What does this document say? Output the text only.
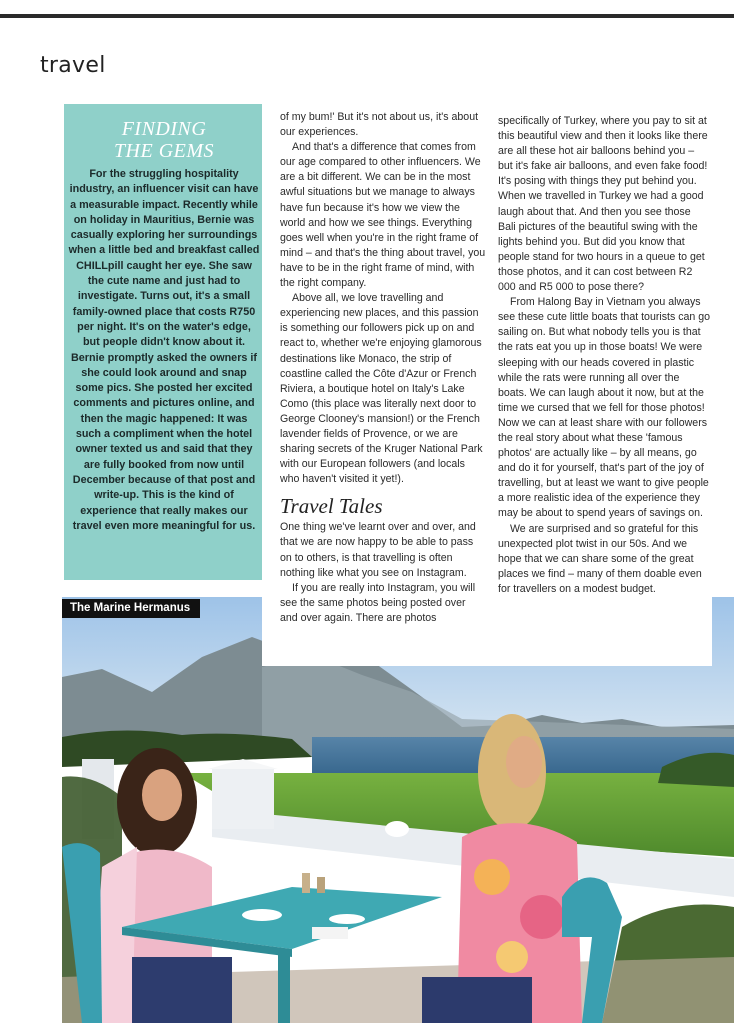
travel
The Marine Hermanus
FINDING
THE GEMS

For the struggling hospitality industry, an influencer visit can have a measurable impact. Recently while on holiday in Mauritius, Bernie was casually exploring her surroundings when a little bed and breakfast called CHILLpill caught her eye. She saw the cute name and just had to investigate. Turns out, it's a small family-owned place that costs R750 per night. It's on the water's edge, but people didn't know about it. Bernie promptly asked the owners if she could look around and snap some pics. She posted her excited comments and pictures online, and then the magic happened: It was such a compliment when the hotel owner texted us and said that they are fully booked from now until December because of that post and write-up. This is the kind of experience that really makes our travel even more meaningful for us.

of my bum!' But it's not about us, it's about our experiences.

And that's a difference that comes from our age compared to other influencers. We are a bit different. We can be in the most awful situations but we manage to always have fun because it's how we view the world and how we see things. Everything goes well when you're in the right frame of mind – and that's the thing about travel, you have to be in the right frame of mind, with the right company.

Above all, we love travelling and experiencing new places, and this passion is something our followers pick up on and react to, whether we're enjoying glamorous destinations like Monaco, the strip of coastline called the Côte d'Azur or French Riviera, a boutique hotel on Italy's Lake Como (this place was literally next door to George Clooney's mansion!) or the French lavender fields of Provence, or we are sharing secrets of the Kruger National Park with our European followers (and locals who haven't visited it yet!).

Travel Tales

One thing we've learnt over and over, and that we are now happy to be able to pass on to others, is that travelling is often nothing like what you see on Instagram.

If you are really into Instagram, you will see the same photos being posted over and over again. There are photos

specifically of Turkey, where you pay to sit at this beautiful view and then it looks like there are all these hot air balloons behind you – but it's fake air balloons, and even fake food! It's posing with things they put behind you. When we travelled in Turkey we had a good laugh about that. And then you see those Bali pictures of the beautiful swing with the lights behind you. But did you know that people stand for two hours in a queue to get those photos, and it can cost between R2 000 and R5 000 to pose there?

From Halong Bay in Vietnam you always see these cute little boats that tourists can go sailing on. But what nobody tells you is that the rats eat you up in those boats! We were sleeping with our heads covered in plastic while the rats were running all over the boats. We can laugh about it now, but at the time we cursed that we fell for those photos! Now we can at least share with our followers the real story about what these 'famous photos' are actually like – by all means, go and do it for yourself, that's part of the joy of travelling, but at least we want to give people a more realistic idea of the experience they may be about to spend years of savings on.

We are surprised and so grateful for this unexpected plot twist in our 50s. And we hope that we can share some of the great places we find – many of them doable even for travellers on a modest budget.
